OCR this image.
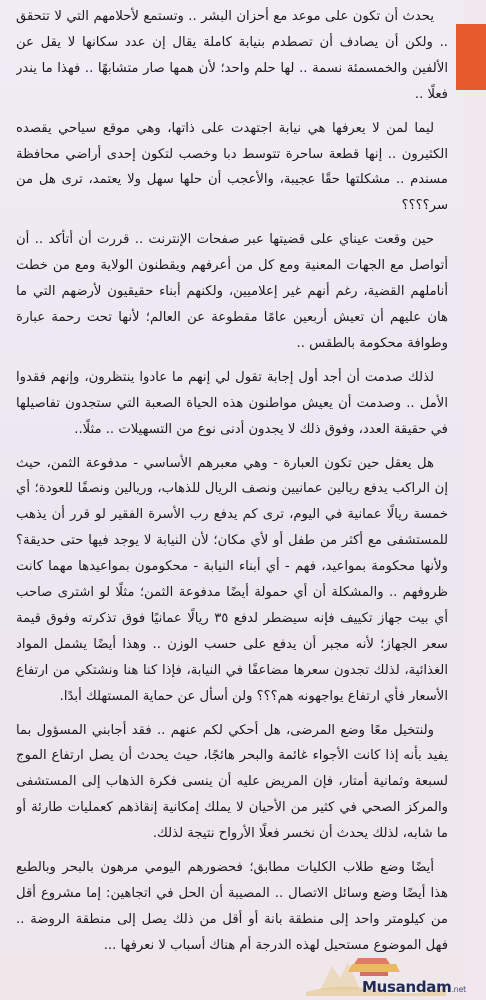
يحدث أن تكون على موعد مع أحزان البشر .. وتستمع لأحلامهم التي لا تتحقق .. ولكن أن يصادف أن تصطدم بنيابة كاملة يقال إن عدد سكانها لا يقل عن الألفين والخمسمئة نسمة .. لها حلم واحد؛ لأن همها صار متشابهًا .. فهذا ما يندر فعلًا ..

ليما لمن لا يعرفها هي نيابة اجتهدت على ذاتها، وهي موقع سياحي يقصده الكثيرون .. إنها قطعة ساحرة تتوسط دبا وخصب لتكون إحدى أراضي محافظة مسندم .. مشكلتها حقًا عجيبة، والأعجب أن حلها سهل ولا يعتمد، ترى هل من سر؟؟؟؟

حين وقعت عيناي على قضيتها عبر صفحات الإنترنت .. قررت أن أتأكد .. أن أتواصل مع الجهات المعنية ومع كل من أعرفهم ويقطنون الولاية ومع من خطت أناملهم القضية، رغم أنهم غير إعلاميين، ولكنهم أبناء حقيقيون لأرضهم التي ما هان عليهم أن تعيش أربعين عامًا مقطوعة عن العالم؛ لأنها تحت رحمة عبارة وطوافة محكومة بالطقس ..

لذلك صدمت أن أجد أول إجابة تقول لي إنهم ما عادوا ينتظرون، وإنهم فقدوا الأمل .. وصدمت أن يعيش مواطنون هذه الحياة الصعبة التي ستجدون تفاصيلها في حقيقة العدد، وفوق ذلك لا يجدون أدنى نوع من التسهيلات .. مثلًا..

هل يعقل حين تكون العبارة - وهي معبرهم الأساسي - مدفوعة الثمن، حيث إن الراكب يدفع ريالين عمانيين ونصف الريال للذهاب، وريالين ونصفًا للعودة؛ أي خمسة ريالًا عمانية في اليوم، ترى كم يدفع رب الأسرة الفقير لو قرر أن يذهب للمستشفى مع أكثر من طفل أو لأي مكان؛ لأن النيابة لا يوجد فيها حتى حديقة؟ ولأنها محكومة بمواعيد، فهم - أي أبناء النيابة - محكومون بمواعيدها مهما كانت ظروفهم .. والمشكلة أن أي حمولة أيضًا مدفوعة الثمن؛ مثلًا لو اشترى صاحب أي بيت جهاز تكييف فإنه سيضطر لدفع ٣٥ ريالًا عمانيًا فوق تذكرته وفوق قيمة سعر الجهاز؛ لأنه مجبر أن يدفع على حسب الوزن .. وهذا أيضًا يشمل المواد الغذائية، لذلك تجدون سعرها مضاعفًا في النيابة، فإذا كنا هنا ونشتكي من ارتفاع الأسعار فأي ارتفاع يواجهونه هم؟؟؟ ولن أسأل عن حماية المستهلك أبدًا.

ولنتخيل معًا وضع المرضى، هل أحكي لكم عنهم .. فقد أجابني المسؤول بما يفيد بأنه إذا كانت الأجواء غائمة والبحر هائجًا، حيث يحدث أن يصل ارتفاع الموج لسبعة وثمانية أمتار، فإن المريض عليه أن ينسى فكرة الذهاب إلى المستشفى والمركز الصحي في كثير من الأحيان لا يملك إمكانية إنقاذهم كعمليات طارئة أو ما شابه، لذلك يحدث أن نخسر فعلًا الأرواح نتيجة لذلك.

أيضًا وضع طلاب الكليات مطابق؛ فحضورهم اليومي مرهون بالبحر وبالطبع هذا أيضًا وضع وسائل الاتصال .. المصيبة أن الحل في اتجاهين: إما مشروع أقل من كيلومتر واحد إلى منطقة بانة أو أقل من ذلك يصل إلى منطقة الروضة .. فهل الموضوع مستحيل لهذه الدرجة أم هناك أسباب لا نعرفها ...

Musandam.net
